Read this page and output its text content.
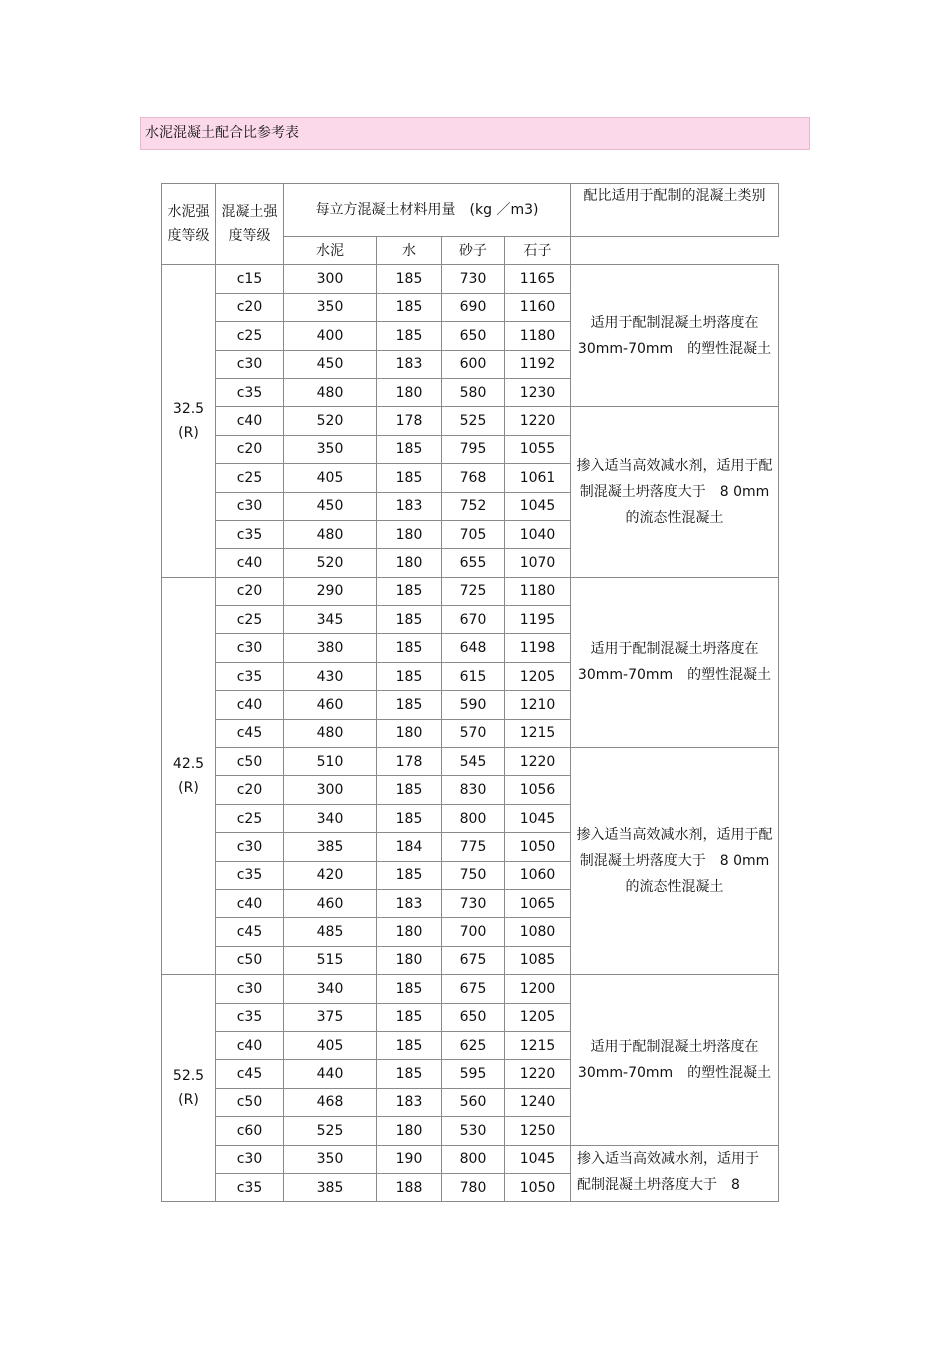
水泥混凝土配合比参考表
水泥强度等级	混凝土强度等级	每立方混凝土材料用量　(kg ／m3)				配比适用于配制的混凝土类别
		水泥	水	砂子	石子	
32.5 (R)	c15	300	185	730	1165	适用于配制混凝土坍落度在 30mm-70mm　的塑性混凝土
	c20	350	185	690	1160	
	c25	400	185	650	1180	
	c30	450	183	600	1192	
	c35	480	180	580	1230	
	c40	520	178	525	1220	掺入适当高效减水剂，适用于配制混凝土坍落度大于　8 0mm 的流态性混凝土
	c20	350	185	795	1055	
	c25	405	185	768	1061	
	c30	450	183	752	1045	
	c35	480	180	705	1040	
	c40	520	180	655	1070	
42.5 (R)	c20	290	185	725	1180	适用于配制混凝土坍落度在 30mm-70mm　的塑性混凝土
	c25	345	185	670	1195	
	c30	380	185	648	1198	
	c35	430	185	615	1205	
	c40	460	185	590	1210	
	c45	480	180	570	1215	
	c50	510	178	545	1220	掺入适当高效减水剂，适用于配制混凝土坍落度大于　8 0mm 的流态性混凝土
	c20	300	185	830	1056	
	c25	340	185	800	1045	
	c30	385	184	775	1050	
	c35	420	185	750	1060	
	c40	460	183	730	1065	
	c45	485	180	700	1080	
	c50	515	180	675	1085	
52.5 (R)	c30	340	185	675	1200	适用于配制混凝土坍落度在 30mm-70mm　的塑性混凝土
	c35	375	185	650	1205	
	c40	405	185	625	1215	
	c45	440	185	595	1220	
	c50	468	183	560	1240	
	c60	525	180	530	1250	
	c30	350	190	800	1045	掺入适当高效减水剂，适用于配制混凝土坍落度大于　8
	c35	385	188	780	1050	
